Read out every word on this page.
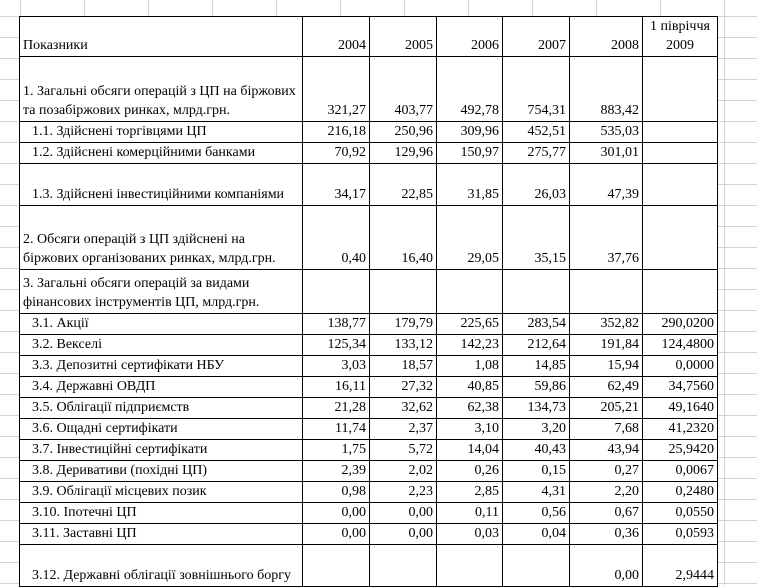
Показники	2004	2005	2006	2007	2008	1 півріччя
2009

1. Загальні обсяги операцій з ЦП на біржових та позабіржових ринках, млрд.грн.	321,27	403,77	492,78	754,31	883,42	
1.1. Здійснені торгівцями ЦП	216,18	250,96	309,96	452,51	535,03	
1.2. Здійснені комерційними банками	70,92	129,96	150,97	275,77	301,01	
1.3. Здійснені інвестиційними компаніями	34,17	22,85	31,85	26,03	47,39	
2. Обсяги операцій з ЦП здійснені на біржових організованих ринках, млрд.грн.	0,40	16,40	29,05	35,15	37,76	
3. Загальні обсяги операцій за видами фінансових інструментів ЦП, млрд.грн.						
3.1. Акції	138,77	179,79	225,65	283,54	352,82	290,0200
3.2. Векселі	125,34	133,12	142,23	212,64	191,84	124,4800
3.3. Депозитні сертифікати НБУ	3,03	18,57	1,08	14,85	15,94	0,0000
3.4. Державні ОВДП	16,11	27,32	40,85	59,86	62,49	34,7560
3.5. Облігації підприємств	21,28	32,62	62,38	134,73	205,21	49,1640
3.6. Ощадні сертифікати	11,74	2,37	3,10	3,20	7,68	41,2320
3.7. Інвестиційні сертифікати	1,75	5,72	14,04	40,43	43,94	25,9420
3.8. Деривативи (похідні ЦП)	2,39	2,02	0,26	0,15	0,27	0,0067
3.9. Облігації місцевих позик	0,98	2,23	2,85	4,31	2,20	0,2480
3.10. Іпотечні ЦП	0,00	0,00	0,11	0,56	0,67	0,0550
3.11. Заставні ЦП	0,00	0,00	0,03	0,04	0,36	0,0593
3.12. Державні облігації зовнішнього боргу					0,00	2,9444
